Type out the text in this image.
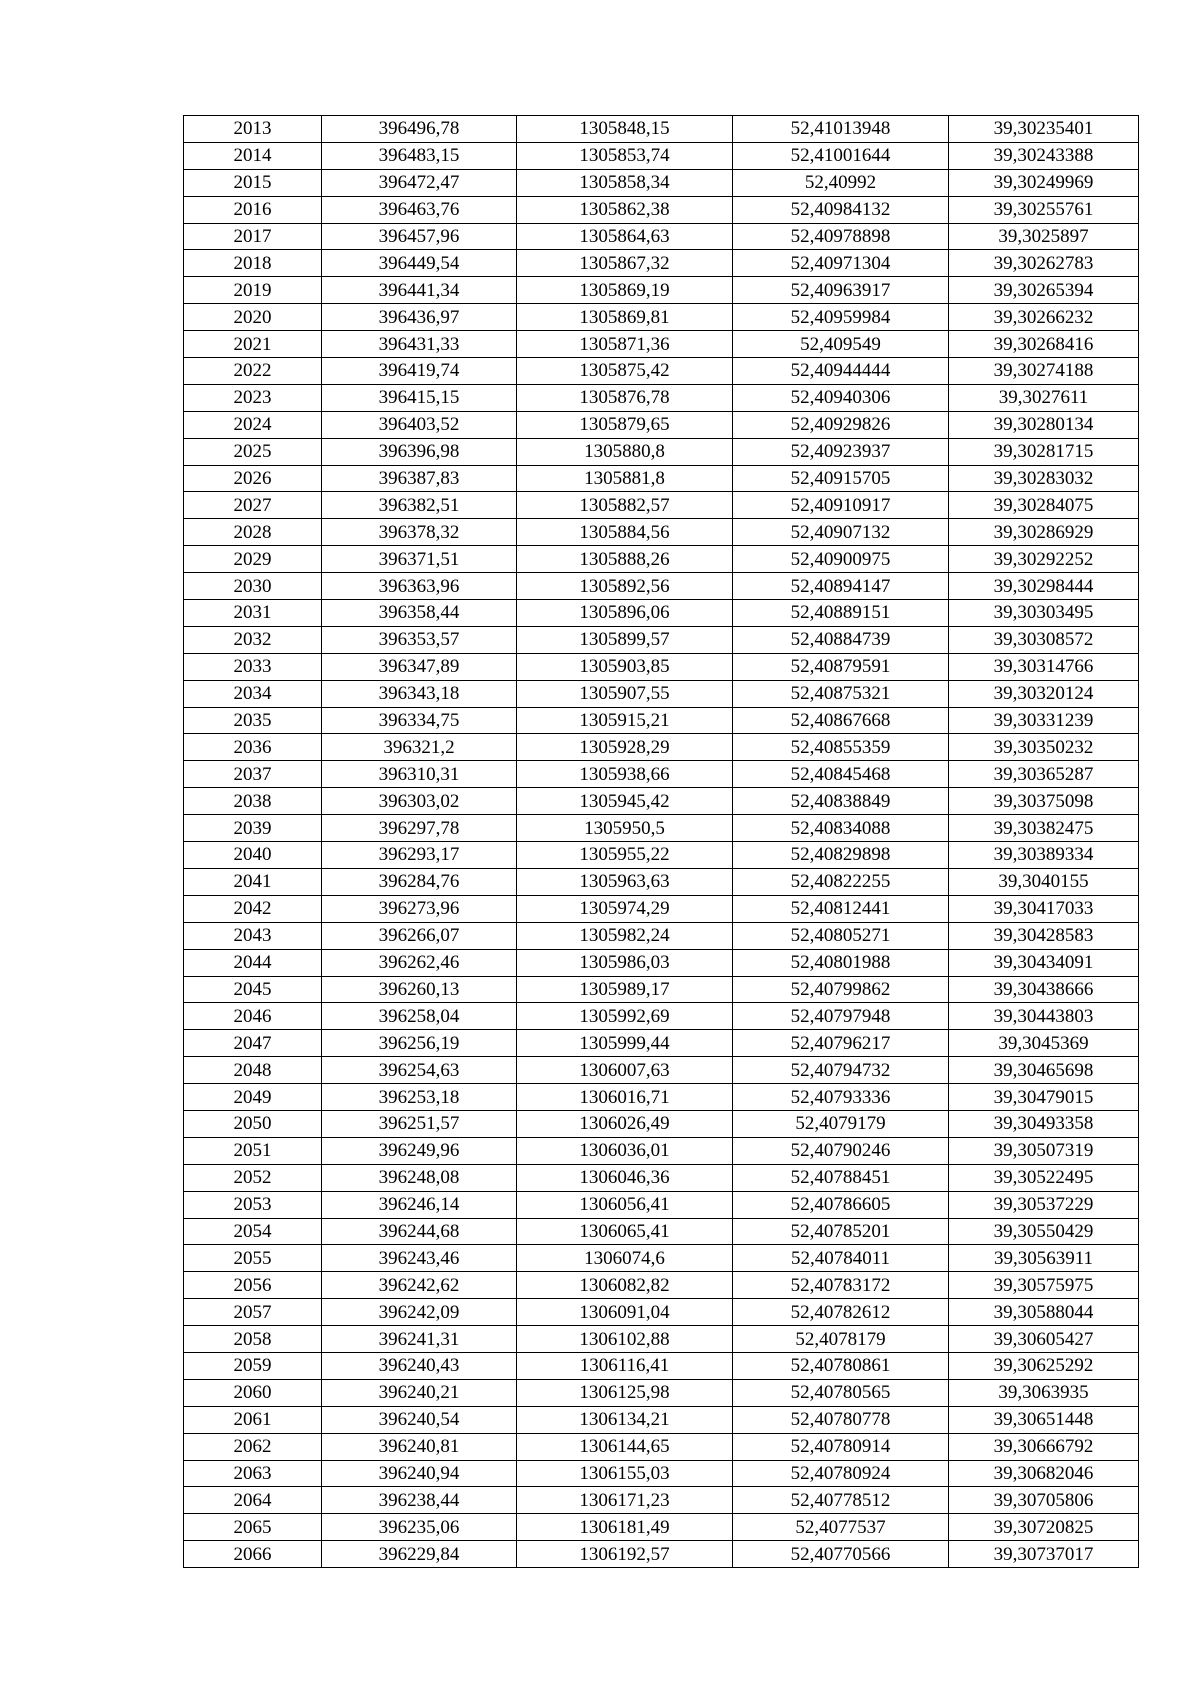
2013	396496,78	1305848,15	52,41013948	39,30235401
2014	396483,15	1305853,74	52,41001644	39,30243388
2015	396472,47	1305858,34	52,40992	39,30249969
2016	396463,76	1305862,38	52,40984132	39,30255761
2017	396457,96	1305864,63	52,40978898	39,3025897
2018	396449,54	1305867,32	52,40971304	39,30262783
2019	396441,34	1305869,19	52,40963917	39,30265394
2020	396436,97	1305869,81	52,40959984	39,30266232
2021	396431,33	1305871,36	52,409549	39,30268416
2022	396419,74	1305875,42	52,40944444	39,30274188
2023	396415,15	1305876,78	52,40940306	39,3027611
2024	396403,52	1305879,65	52,40929826	39,30280134
2025	396396,98	1305880,8	52,40923937	39,30281715
2026	396387,83	1305881,8	52,40915705	39,30283032
2027	396382,51	1305882,57	52,40910917	39,30284075
2028	396378,32	1305884,56	52,40907132	39,30286929
2029	396371,51	1305888,26	52,40900975	39,30292252
2030	396363,96	1305892,56	52,40894147	39,30298444
2031	396358,44	1305896,06	52,40889151	39,30303495
2032	396353,57	1305899,57	52,40884739	39,30308572
2033	396347,89	1305903,85	52,40879591	39,30314766
2034	396343,18	1305907,55	52,40875321	39,30320124
2035	396334,75	1305915,21	52,40867668	39,30331239
2036	396321,2	1305928,29	52,40855359	39,30350232
2037	396310,31	1305938,66	52,40845468	39,30365287
2038	396303,02	1305945,42	52,40838849	39,30375098
2039	396297,78	1305950,5	52,40834088	39,30382475
2040	396293,17	1305955,22	52,40829898	39,30389334
2041	396284,76	1305963,63	52,40822255	39,3040155
2042	396273,96	1305974,29	52,40812441	39,30417033
2043	396266,07	1305982,24	52,40805271	39,30428583
2044	396262,46	1305986,03	52,40801988	39,30434091
2045	396260,13	1305989,17	52,40799862	39,30438666
2046	396258,04	1305992,69	52,40797948	39,30443803
2047	396256,19	1305999,44	52,40796217	39,3045369
2048	396254,63	1306007,63	52,40794732	39,30465698
2049	396253,18	1306016,71	52,40793336	39,30479015
2050	396251,57	1306026,49	52,4079179	39,30493358
2051	396249,96	1306036,01	52,40790246	39,30507319
2052	396248,08	1306046,36	52,40788451	39,30522495
2053	396246,14	1306056,41	52,40786605	39,30537229
2054	396244,68	1306065,41	52,40785201	39,30550429
2055	396243,46	1306074,6	52,40784011	39,30563911
2056	396242,62	1306082,82	52,40783172	39,30575975
2057	396242,09	1306091,04	52,40782612	39,30588044
2058	396241,31	1306102,88	52,4078179	39,30605427
2059	396240,43	1306116,41	52,40780861	39,30625292
2060	396240,21	1306125,98	52,40780565	39,3063935
2061	396240,54	1306134,21	52,40780778	39,30651448
2062	396240,81	1306144,65	52,40780914	39,30666792
2063	396240,94	1306155,03	52,40780924	39,30682046
2064	396238,44	1306171,23	52,40778512	39,30705806
2065	396235,06	1306181,49	52,4077537	39,30720825
2066	396229,84	1306192,57	52,40770566	39,30737017
